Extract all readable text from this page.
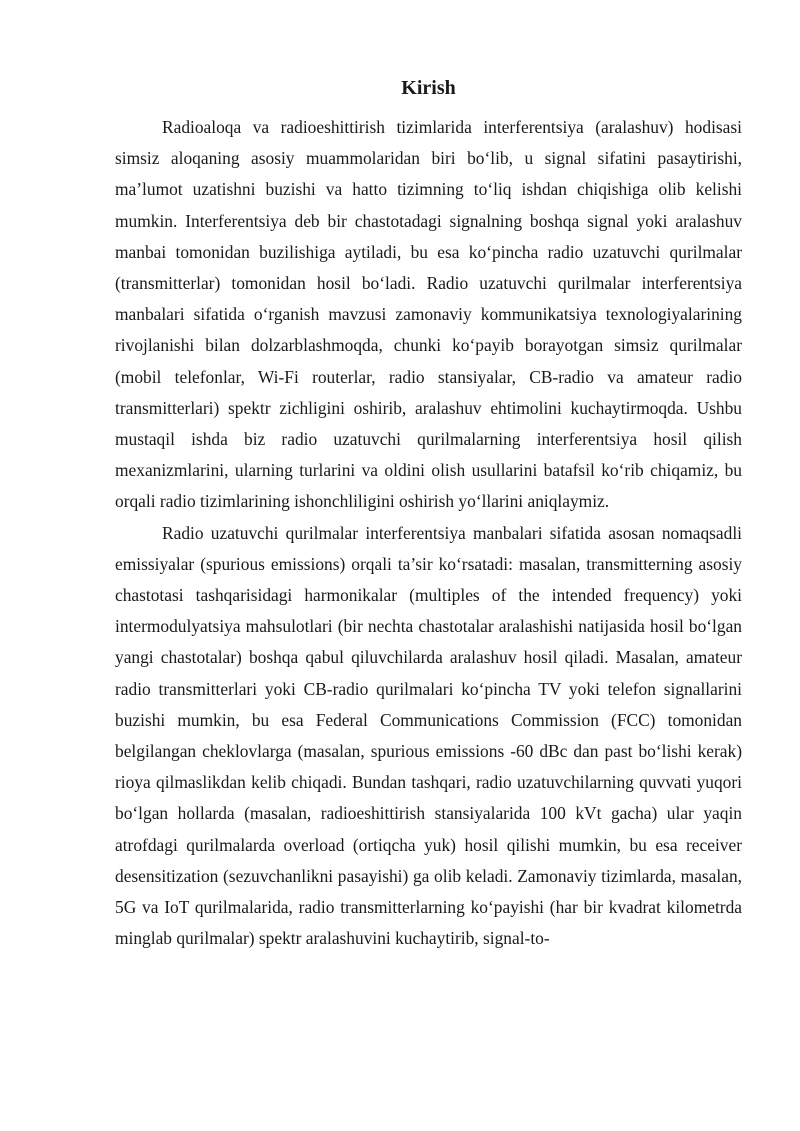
Kirish

Radioaloqa va radioeshittirish tizimlarida interferentsiya (aralashuv) hodisasi simsiz aloqaning asosiy muammolaridan biri bo‘lib, u signal sifatini pasaytirishi, ma’lumot uzatishni buzishi va hatto tizimning to‘liq ishdan chiqishiga olib kelishi mumkin. Interferentsiya deb bir chastotadagi signalning boshqa signal yoki aralashuv manbai tomonidan buzilishiga aytiladi, bu esa ko‘pincha radio uzatuvchi qurilmalar (transmitterlar) tomonidan hosil bo‘ladi. Radio uzatuvchi qurilmalar interferentsiya manbalari sifatida o‘rganish mavzusi zamonaviy kommunikatsiya texnologiyalarining rivojlanishi bilan dolzarblashmoqda, chunki ko‘payib borayotgan simsiz qurilmalar (mobil telefonlar, Wi-Fi routerlar, radio stansiyalar, CB-radio va amateur radio transmitterlari) spektr zichligini oshirib, aralashuv ehtimolini kuchaytirmoqda. Ushbu mustaqil ishda biz radio uzatuvchi qurilmalarning interferentsiya hosil qilish mexanizmlarini, ularning turlarini va oldini olish usullarini batafsil ko‘rib chiqamiz, bu orqali radio tizimlarining ishonchliligini oshirish yo‘llarini aniqlaymiz.

Radio uzatuvchi qurilmalar interferentsiya manbalari sifatida asosan nomaqsadli emissiyalar (spurious emissions) orqali ta’sir ko‘rsatadi: masalan, transmitterning asosiy chastotasi tashqarisidagi harmonikalar (multiples of the intended frequency) yoki intermodulyatsiya mahsulotlari (bir nechta chastotalar aralashishi natijasida hosil bo‘lgan yangi chastotalar) boshqa qabul qiluvchilarda aralashuv hosil qiladi. Masalan, amateur radio transmitterlari yoki CB-radio qurilmalari ko‘pincha TV yoki telefon signallarini buzishi mumkin, bu esa Federal Communications Commission (FCC) tomonidan belgilangan cheklovlarga (masalan, spurious emissions -60 dBc dan past bo‘lishi kerak) rioya qilmaslikdan kelib chiqadi. Bundan tashqari, radio uzatuvchilarning quvvati yuqori bo‘lgan hollarda (masalan, radioeshittirish stansiyalarida 100 kVt gacha) ular yaqin atrofdagi qurilmalarda overload (ortiqcha yuk) hosil qilishi mumkin, bu esa receiver desensitization (sezuvchanlikni pasayishi) ga olib keladi. Zamonaviy tizimlarda, masalan, 5G va IoT qurilmalarida, radio transmitterlarning ko‘payishi (har bir kvadrat kilometrda minglab qurilmalar) spektr aralashuvini kuchaytirib, signal-to-
